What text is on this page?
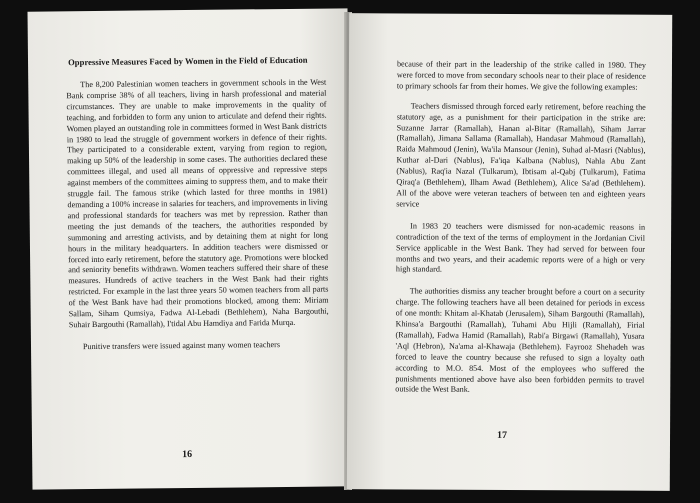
Oppressive Measures Faced by Women in the Field of Education

The 8,200 Palestinian women teachers in government schools in the West Bank comprise 38% of all teachers, living in harsh professional and material circumstances. They are unable to make improvements in the quality of teaching, and forbidden to form any union to articulate and defend their rights. Women played an outstanding role in committees formed in West Bank districts in 1980 to lead the struggle of government workers in defence of their rights. They participated to a considerable extent, varying from region to region, making up 50% of the leadership in some cases. The authorities declared these committees illegal, and used all means of oppressive and repressive steps against members of the committees aiming to suppress them, and to make their struggle fail. The famous strike (which lasted for three months in 1981) demanding a 100% increase in salaries for teachers, and improvements in living and professional standards for teachers was met by repression. Rather than meeting the just demands of the teachers, the authorities responded by summoning and arresting activists, and by detaining them at night for long hours in the military headquarters. In addition teachers were dismissed or forced into early retirement, before the statutory age. Promotions were blocked and seniority benefits withdrawn. Women teachers suffered their share of these measures. Hundreds of active teachers in the West Bank had their rights restricted. For example in the last three years 50 women teachers from all parts of the West Bank have had their promotions blocked, among them: Miriam Sallam, Siham Qumsiya, Fadwa Al-Lebadi (Bethlehem), Naha Bargouthi, Suhair Bargouthi (Ramallah), I'tidal Abu Hamdiya and Farida Murqa.

Punitive transfers were issued against many women teachers

16

because of their part in the leadership of the strike called in 1980. They were forced to move from secondary schools near to their place of residence to primary schools far from their homes. We give the following examples:

Teachers dismissed through forced early retirement, before reaching the statutory age, as a punishment for their participation in the strike are: Suzanne Jarrar (Ramallah), Hanan al-Bitar (Ramallah), Siham Jarrar (Ramallah), Jimana Sallama (Ramallah), Handasar Mahmoud (Ramallah), Raida Mahmoud (Jenin), Wa'ila Mansour (Jenin), Suhad al-Masri (Nablus), Kuthar al-Dari (Nablus), Fa'iqa Kalbana (Nablus), Nahla Abu Zant (Nablus), Raq'ia Nazal (Tulkarum), Ibtisam al-Qabj (Tulkarum), Fatima Qiraq'a (Bethlehem), Ilham Awad (Bethlehem), Alice Sa'ad (Bethlehem). All of the above were veteran teachers of between ten and eighteen years service

In 1983 20 teachers were dismissed for non-academic reasons in contradiction of the text of the terms of employment in the Jordanian Civil Service applicable in the West Bank. They had served for between four months and two years, and their academic reports were of a high or very high standard.

The authorities dismiss any teacher brought before a court on a security charge. The following teachers have all been detained for periods in excess of one month: Khitam al-Khatab (Jerusalem), Siham Bargouthi (Ramallah), Khinsa'a Bargouthi (Ramallah), Tuhami Abu Hijli (Ramallah), Firial (Ramallah), Fadwa Hamid (Ramallah), Rabi'a Birgawi (Ramallah), Yusara 'Aql (Hebron), Na'ama al-Khawaja (Bethlehem). Fayrooz Shehadeh was forced to leave the country because she refused to sign a loyalty oath according to M.O. 854. Most of the employees who suffered the punishments mentioned above have also been forbidden permits to travel outside the West Bank.

17
